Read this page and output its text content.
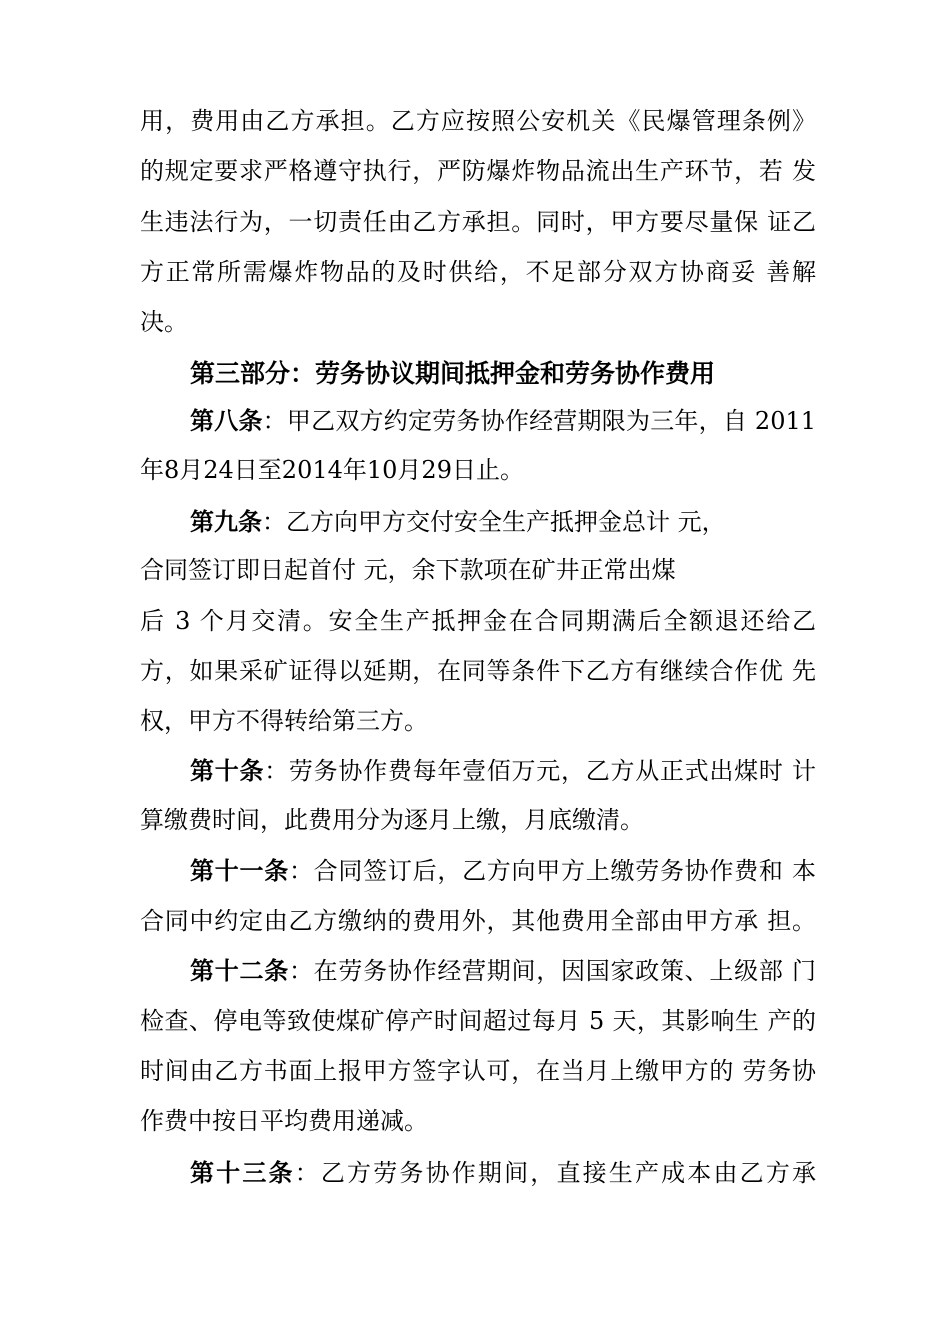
用，费用由乙方承担。乙方应按照公安机关《民爆管理条例》
的规定要求严格遵守执行，严防爆炸物品流出生产环节，若 发
生违法行为，一切责任由乙方承担。同时，甲方要尽量保 证乙
方正常所需爆炸物品的及时供给，不足部分双方协商妥 善解
决。
第三部分：劳务协议期间抵押金和劳务协作费用
第八条：甲乙双方约定劳务协作经营期限为三年，自 2011
年8月24日至2014年10月29日止。
第九条：乙方向甲方交付安全生产抵押金总计 元，
合同签订即日起首付 元，余下款项在矿井正常出煤
后 3 个月交清。安全生产抵押金在合同期满后全额退还给乙
方，如果采矿证得以延期，在同等条件下乙方有继续合作优 先
权，甲方不得转给第三方。
第十条：劳务协作费每年壹佰万元，乙方从正式出煤时 计
算缴费时间，此费用分为逐月上缴，月底缴清。
第十一条：合同签订后，乙方向甲方上缴劳务协作费和 本
合同中约定由乙方缴纳的费用外，其他费用全部由甲方承 担。
第十二条：在劳务协作经营期间，因国家政策、上级部 门
检查、停电等致使煤矿停产时间超过每月 5 天，其影响生 产的
时间由乙方书面上报甲方签字认可，在当月上缴甲方的 劳务协
作费中按日平均费用递减。
第十三条：乙方劳务协作期间，直接生产成本由乙方承
